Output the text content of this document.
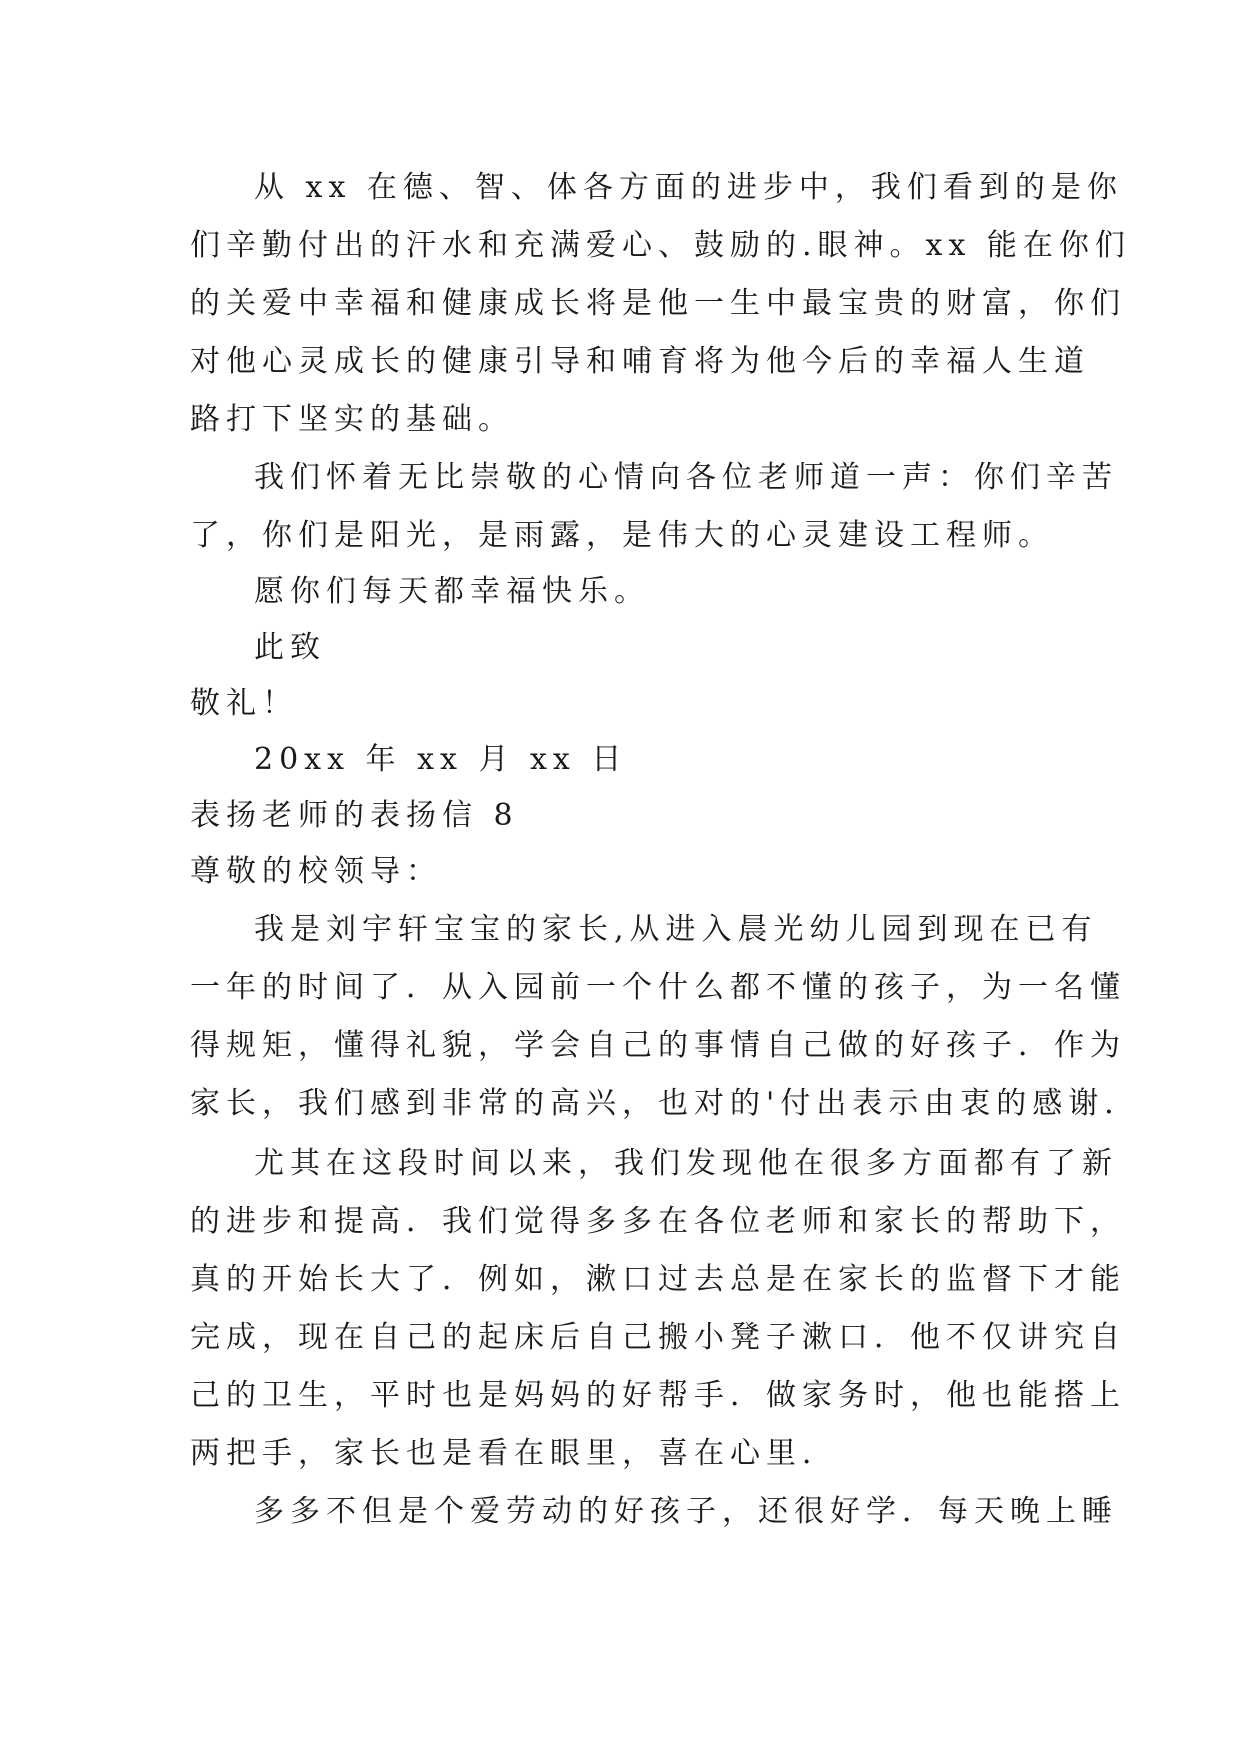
从 xx 在德、智、体各方面的进步中，我们看到的是你
们辛勤付出的汗水和充满爱心、鼓励的.眼神。xx 能在你们
的关爱中幸福和健康成长将是他一生中最宝贵的财富，你们
对他心灵成长的健康引导和哺育将为他今后的幸福人生道
路打下坚实的基础。
我们怀着无比崇敬的心情向各位老师道一声：你们辛苦
了，你们是阳光，是雨露，是伟大的心灵建设工程师。
愿你们每天都幸福快乐。
此致
敬礼！
20xx 年 xx 月 xx 日
表扬老师的表扬信 8
尊敬的校领导：
我是刘宇轩宝宝的家长,从进入晨光幼儿园到现在已有
一年的时间了．从入园前一个什么都不懂的孩子，为一名懂
得规矩，懂得礼貌，学会自己的事情自己做的好孩子．作为
家长，我们感到非常的高兴，也对的'付出表示由衷的感谢．
尤其在这段时间以来，我们发现他在很多方面都有了新
的进步和提高．我们觉得多多在各位老师和家长的帮助下，
真的开始长大了．例如，漱口过去总是在家长的监督下才能
完成，现在自己的起床后自己搬小凳子漱口．他不仅讲究自
己的卫生，平时也是妈妈的好帮手．做家务时，他也能搭上
两把手，家长也是看在眼里，喜在心里．
多多不但是个爱劳动的好孩子，还很好学．每天晚上睡
